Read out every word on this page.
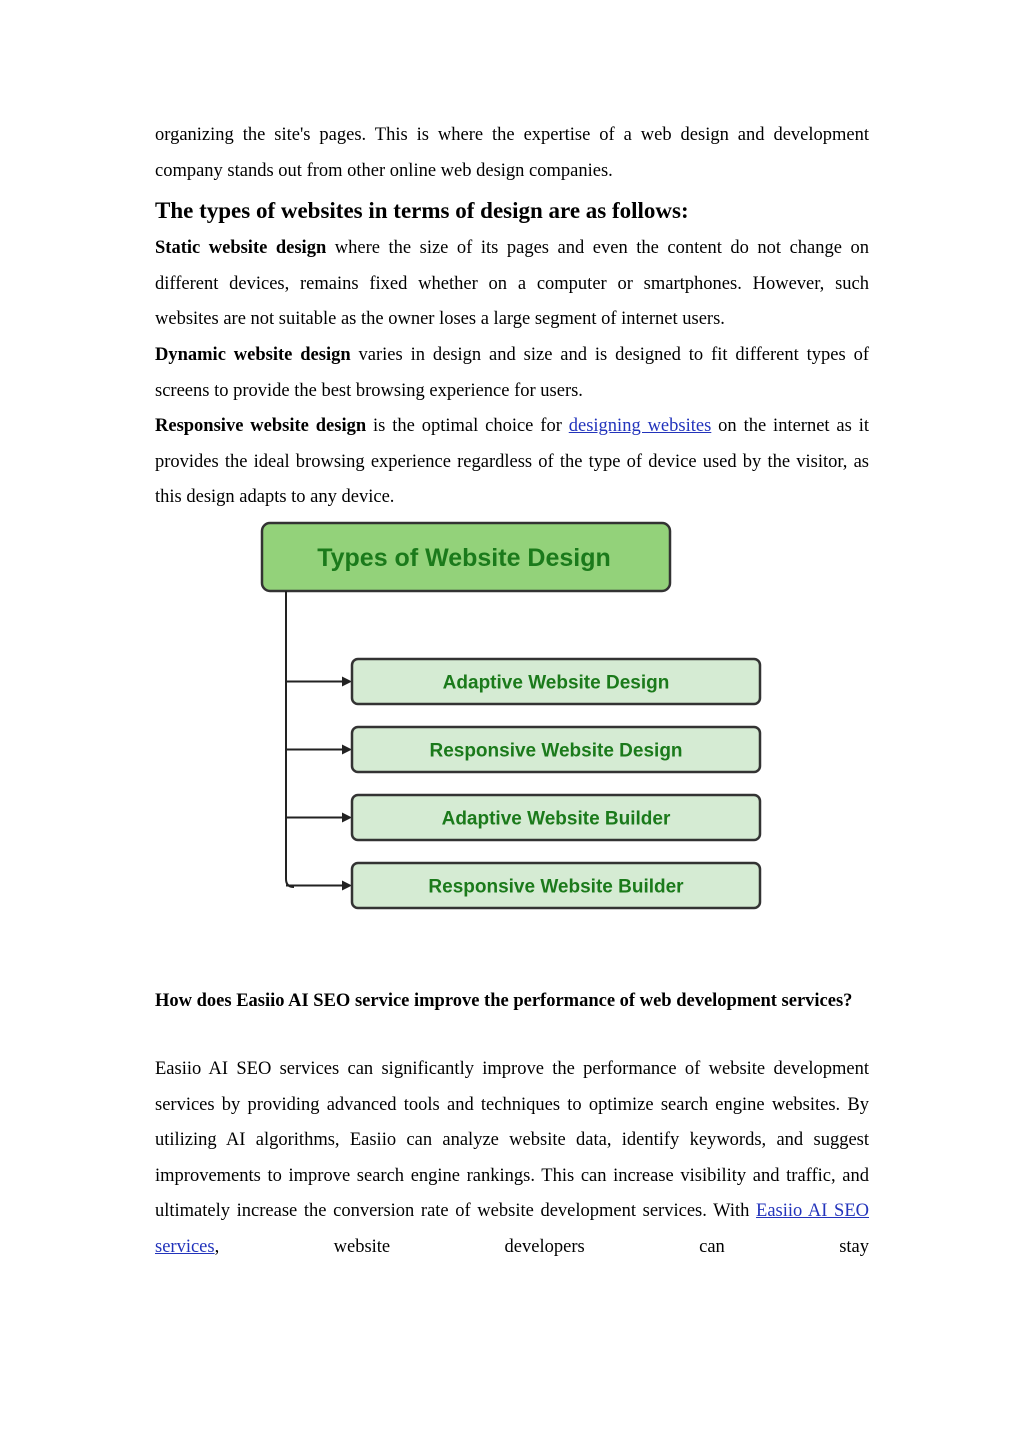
organizing the site's pages. This is where the expertise of a web design and development company stands out from other online web design companies.

The types of websites in terms of design are as follows:

Static website design where the size of its pages and even the content do not change on different devices, remains fixed whether on a computer or smartphones. However, such websites are not suitable as the owner loses a large segment of internet users.

Dynamic website design varies in design and size and is designed to fit different types of screens to provide the best browsing experience for users.

Responsive website design is the optimal choice for designing websites on the internet as it provides the ideal browsing experience regardless of the type of device used by the visitor, as this design adapts to any device.

Types of Website Design
Adaptive Website Design
Responsive Website Design
Adaptive Website Builder
Responsive Website Builder
How does Easiio AI SEO service improve the performance of web development services?

Easiio AI SEO services can significantly improve the performance of website development services by providing advanced tools and techniques to optimize search engine websites. By utilizing AI algorithms, Easiio can analyze website data, identify keywords, and suggest improvements to improve search engine rankings. This can increase visibility and traffic, and ultimately increase the conversion rate of website development services. With Easiio AI SEO services, website developers can stay
